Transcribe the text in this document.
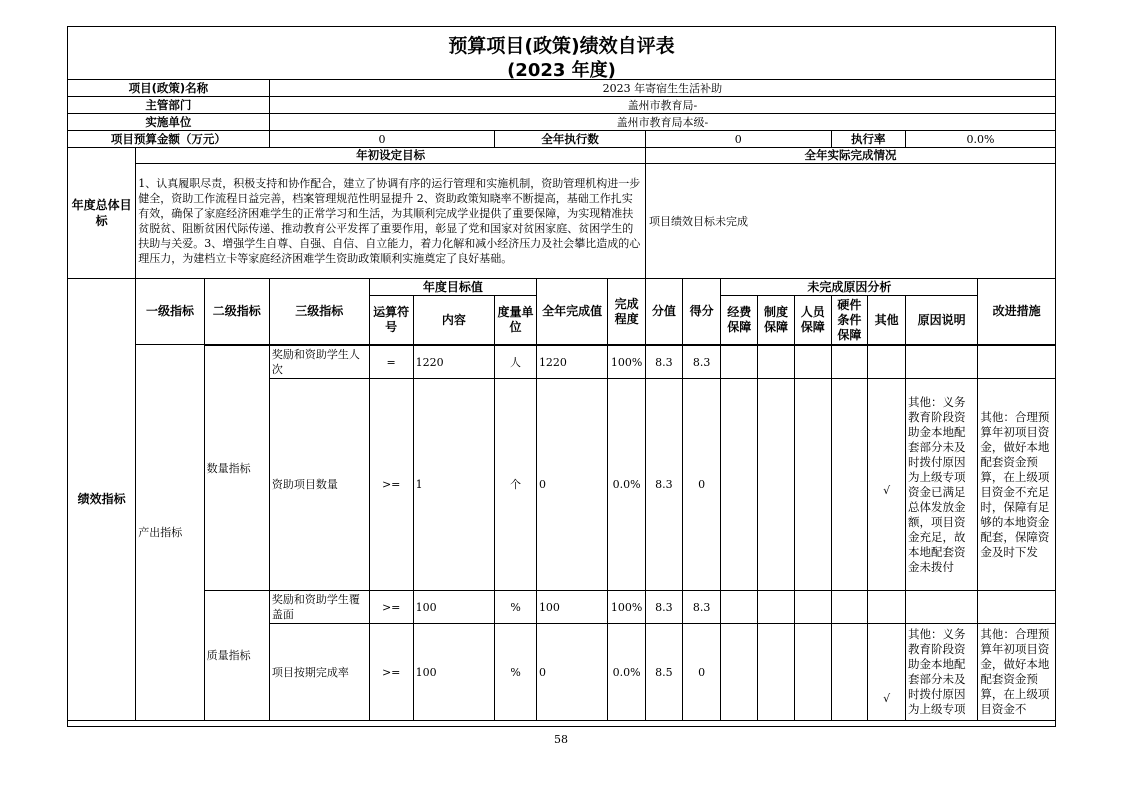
预算项目(政策)绩效自评表
(2023 年度)
项目(政策)名称			2023 年寄宿生生活补助														
主管部门			盖州市教育局-														
实施单位			盖州市教育局本级-														
项目预算金额（万元）			0			全年执行数			0					执行率		0.0%	
年度总体目标	年初设定目标								全年实际完成情况								
	1、认真履职尽责，积极支持和协作配合，建立了协调有序的运行管理和实施机制，资助管理机构进一步健全，资助工作流程日益完善，档案管理规范性明显提升 2、资助政策知晓率不断提高，基础工作扎实有效，确保了家庭经济困难学生的正常学习和生活，为其顺利完成学业提供了重要保障，为实现精准扶贫脱贫、阻断贫困代际传递、推动教育公平发挥了重要作用，彰显了党和国家对贫困家庭、贫困学生的扶助与关爱。3、增强学生自尊、自强、自信、自立能力，着力化解和减小经济压力及社会攀比造成的心理压力，为建档立卡等家庭经济困难学生资助政策顺利实施奠定了良好基础。								项目绩效目标未完成								
绩效指标	一级指标	二级指标	三级指标	年度目标值			全年完成值	完成程度	分值	得分	未完成原因分析						改进措施
				运算符号	内容	度量单位					经费保障	制度保障	人员保障	硬件条件保障	其他	原因说明	
	产出指标																
		数量指标	奖励和资助学生人次	=	1220	人	1220	100%	8.3	8.3							
			资助项目数量	>=	1	个	0	0.0%	8.3	0					√	其他：义务教育阶段资助金本地配套部分未及时拨付原因为上级专项资金已满足总体发放金额，项目资金充足，故本地配套资金未拨付	其他：合理预算年初项目资金，做好本地配套资金预算，在上级项目资金不充足时，保障有足够的本地资金配套，保障资金及时下发
		质量指标	奖励和资助学生覆盖面	>=	100	%	100	100%	8.3	8.3							
			项目按期完成率	>=	100	%	0	0.0%	8.5	0					√	其他：义务教育阶段资助金本地配套部分未及时拨付原因为上级专项	其他：合理预算年初项目资金，做好本地配套资金预算，在上级项目资金不
58
